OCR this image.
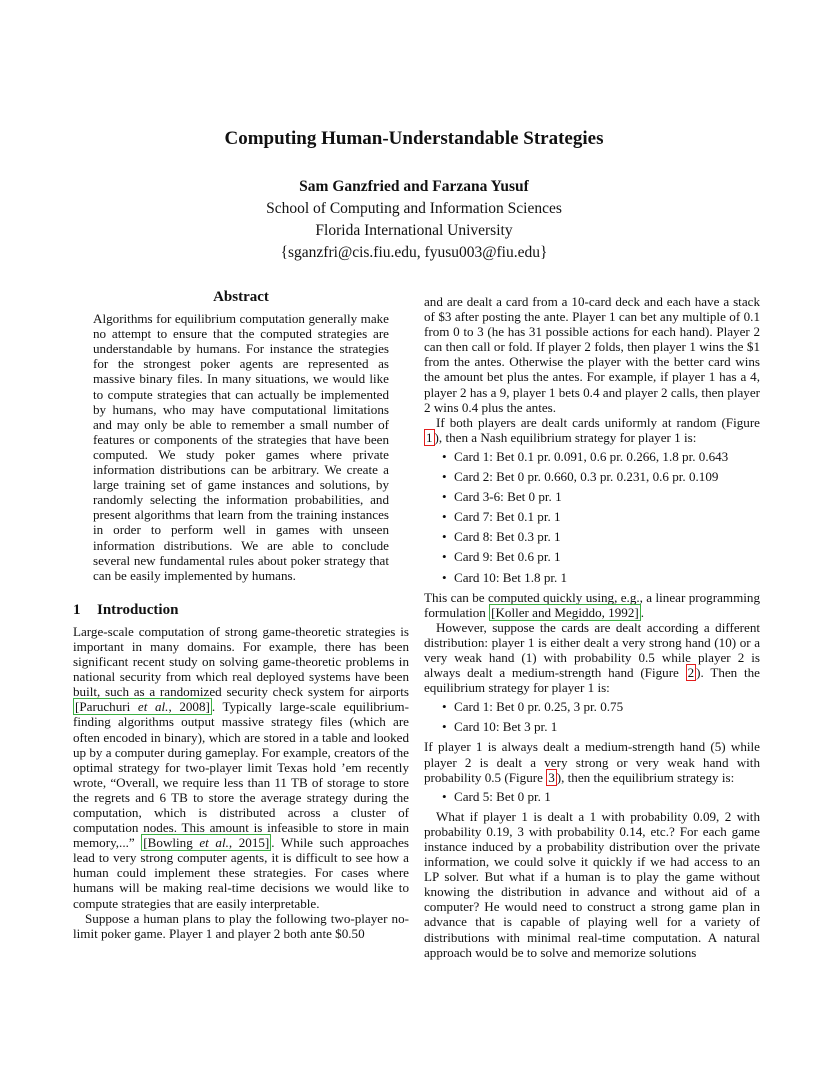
Computing Human-Understandable Strategies
Sam Ganzfried and Farzana Yusuf
School of Computing and Information Sciences
Florida International University
{sganzfri@cis.fiu.edu, fyusu003@fiu.edu}
Abstract

Algorithms for equilibrium computation generally make no attempt to ensure that the computed strategies are understandable by humans. For instance the strategies for the strongest poker agents are represented as massive binary files. In many situations, we would like to compute strategies that can actually be implemented by humans, who may have computational limitations and may only be able to remember a small number of features or components of the strategies that have been computed. We study poker games where private information distributions can be arbitrary. We create a large training set of game instances and solutions, by randomly selecting the information probabilities, and present algorithms that learn from the training instances in order to perform well in games with unseen information distributions. We are able to conclude several new fundamental rules about poker strategy that can be easily implemented by humans.

1 Introduction

Large-scale computation of strong game-theoretic strategies is important in many domains. For example, there has been significant recent study on solving game-theoretic problems in national security from which real deployed systems have been built, such as a randomized security check system for airports [Paruchuri et al., 2008] . Typically large-scale equilibrium-finding algorithms output massive strategy files (which are often encoded in binary), which are stored in a table and looked up by a computer during gameplay. For example, creators of the optimal strategy for two-player limit Texas hold ’em recently wrote, “Overall, we require less than 11 TB of storage to store the regrets and 6 TB to store the average strategy during the computation, which is distributed across a cluster of computation nodes. This amount is infeasible to store in main memory,...” [Bowling et al., 2015] . While such approaches lead to very strong computer agents, it is difficult to see how a human could implement these strategies. For cases where humans will be making real-time decisions we would like to compute strategies that are easily interpretable.

Suppose a human plans to play the following two-player no-limit poker game. Player 1 and player 2 both ante $0.50

and are dealt a card from a 10-card deck and each have a stack of $3 after posting the ante. Player 1 can bet any multiple of 0.1 from 0 to 3 (he has 31 possible actions for each hand). Player 2 can then call or fold. If player 2 folds, then player 1 wins the $1 from the antes. Otherwise the player with the better card wins the amount bet plus the antes. For example, if player 1 has a 4, player 2 has a 9, player 1 bets 0.4 and player 2 calls, then player 2 wins 0.4 plus the antes.

If both players are dealt cards uniformly at random (Figure 1 ), then a Nash equilibrium strategy for player 1 is:

• Card 1: Bet 0.1 pr. 0.091, 0.6 pr. 0.266, 1.8 pr. 0.643
• Card 2: Bet 0 pr. 0.660, 0.3 pr. 0.231, 0.6 pr. 0.109
• Card 3-6: Bet 0 pr. 1
• Card 7: Bet 0.1 pr. 1
• Card 8: Bet 0.3 pr. 1
• Card 9: Bet 0.6 pr. 1
• Card 10: Bet 1.8 pr. 1

This can be computed quickly using, e.g., a linear programming formulation [Koller and Megiddo, 1992] .

However, suppose the cards are dealt according a different distribution: player 1 is either dealt a very strong hand (10) or a very weak hand (1) with probability 0.5 while player 2 is always dealt a medium-strength hand (Figure 2 ). Then the equilibrium strategy for player 1 is:

• Card 1: Bet 0 pr. 0.25, 3 pr. 0.75
• Card 10: Bet 3 pr. 1

If player 1 is always dealt a medium-strength hand (5) while player 2 is dealt a very strong or very weak hand with probability 0.5 (Figure 3 ), then the equilibrium strategy is:

• Card 5: Bet 0 pr. 1

What if player 1 is dealt a 1 with probability 0.09, 2 with probability 0.19, 3 with probability 0.14, etc.? For each game instance induced by a probability distribution over the private information, we could solve it quickly if we had access to an LP solver. But what if a human is to play the game without knowing the distribution in advance and without aid of a computer? He would need to construct a strong game plan in advance that is capable of playing well for a variety of distributions with minimal real-time computation. A natural approach would be to solve and memorize solutions
